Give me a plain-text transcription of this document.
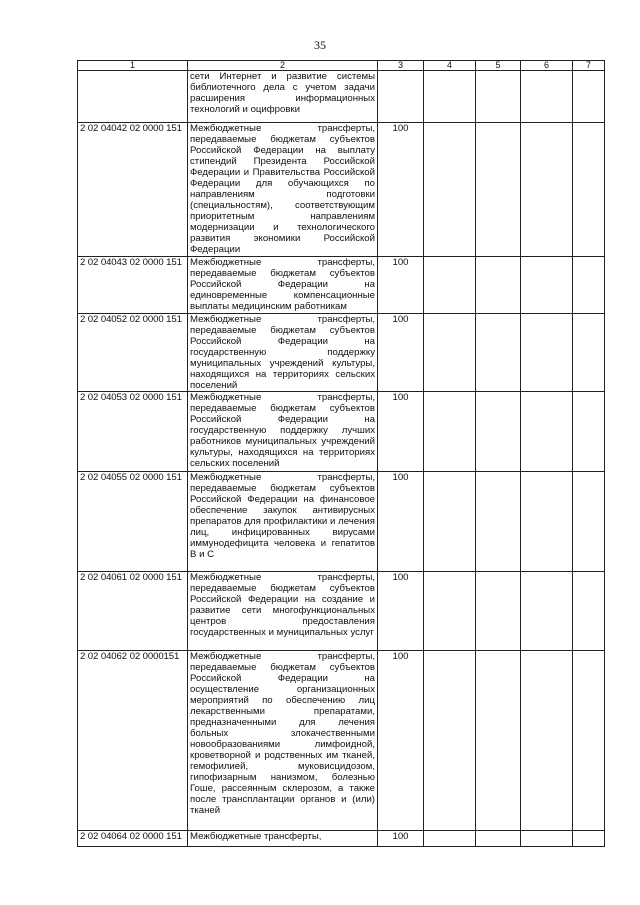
35
1	2	3	4	5	6	7
	сети Интернет и развитие системы библиотечного дела с учетом задачи расширения информационных технологий и оцифровки					
2 02 04042 02 0000 151	Межбюджетные трансферты, передаваемые бюджетам субъектов Российской Федерации на выплату стипендий Президента Российской Федерации и Правительства Российской Федерации для обучающихся по направлениям подготовки (специальностям), соответствующим приоритетным направлениям модернизации и технологического развития экономики Российской Федерации	100				
2 02 04043 02 0000 151	Межбюджетные трансферты, передаваемые бюджетам субъектов Российской Федерации на единовременные компенсационные выплаты медицинским работникам	100				
2 02 04052 02 0000 151	Межбюджетные трансферты, передаваемые бюджетам субъектов Российской Федерации на государственную поддержку муниципальных учреждений культуры, находящихся на территориях сельских поселений	100				
2 02 04053 02 0000 151	Межбюджетные трансферты, передаваемые бюджетам субъектов Российской Федерации на государственную поддержку лучших работников муниципальных учреждений культуры, находящихся на территориях сельских поселений	100				
2 02 04055 02 0000 151	Межбюджетные трансферты, передаваемые бюджетам субъектов Российской Федерации на финансовое обеспечение закупок антивирусных препаратов для профилактики и лечения лиц, инфицированных вирусами иммунодефицита человека и гепатитов В и С	100				
2 02 04061 02 0000 151	Межбюджетные трансферты, передаваемые бюджетам субъектов Российской Федерации на создание и развитие сети многофункциональных центров предоставления государственных и муниципальных услуг	100				
2 02 04062 02 0000151	Межбюджетные трансферты, передаваемые бюджетам субъектов Российской Федерации на осуществление организационных мероприятий по обеспечению лиц лекарственными препаратами, предназначенными для лечения больных злокачественными новообразованиями лимфоидной, кроветворной и родственных им тканей, гемофилией, муковисцидозом, гипофизарным нанизмом, болезнью Гоше, рассеянным склерозом, а также после трансплантации органов и (или) тканей	100				
2 02 04064 02 0000 151	Межбюджетные трансферты,	100				
